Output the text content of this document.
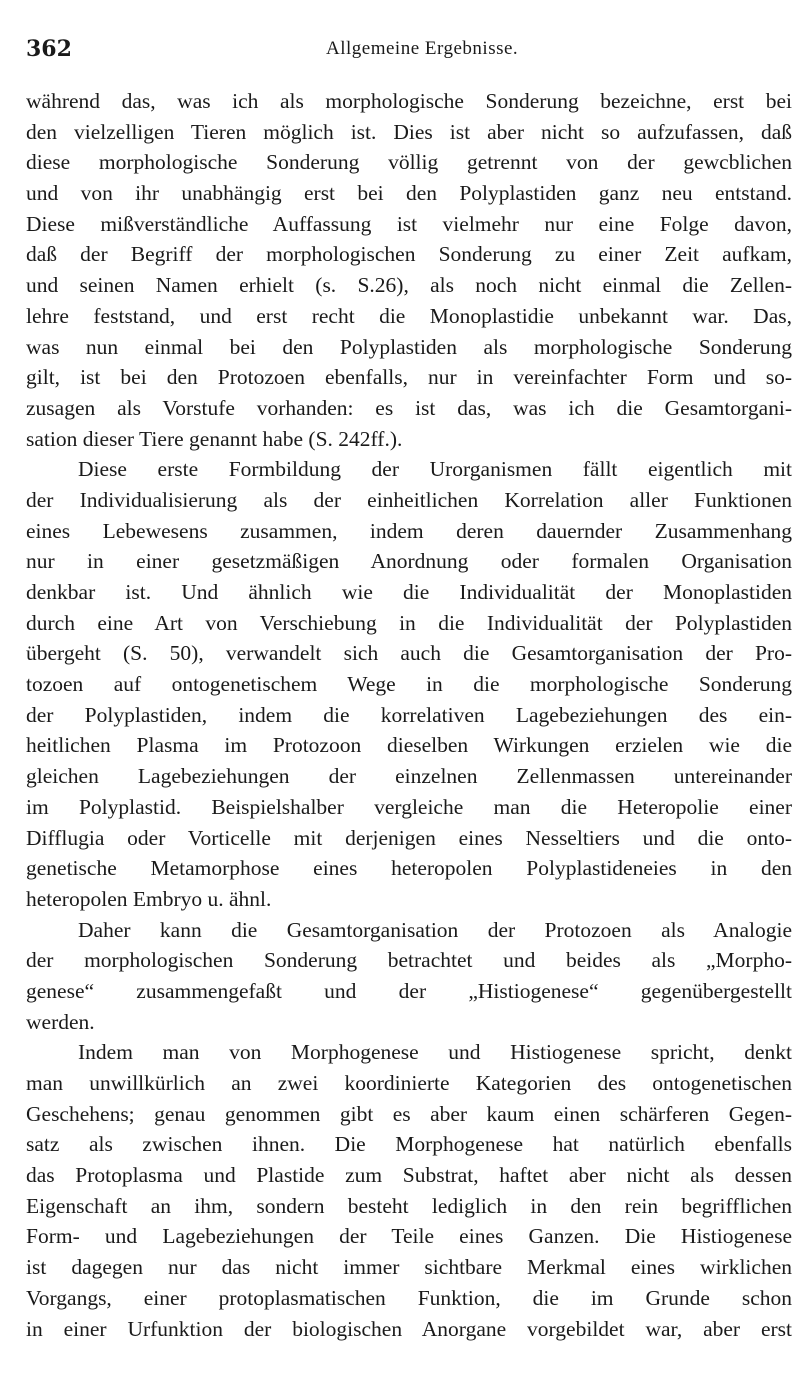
362	Allgemeine Ergebnisse.
während das, was ich als morphologische Sonderung bezeichne, erst bei
den vielzelligen Tieren möglich ist. Dies ist aber nicht so aufzufassen, daß
diese morphologische Sonderung völlig getrennt von der gewcblichen
und von ihr unabhängig erst bei den Polyplastiden ganz neu entstand.
Diese mißverständliche Auffassung ist vielmehr nur eine Folge davon,
daß der Begriff der morphologischen Sonderung zu einer Zeit aufkam,
und seinen Namen erhielt (s. S.26), als noch nicht einmal die Zellen-
lehre feststand, und erst recht die Monoplastidie unbekannt war. Das,
was nun einmal bei den Polyplastiden als morphologische Sonderung
gilt, ist bei den Protozoen ebenfalls, nur in vereinfachter Form und so-
zusagen als Vorstufe vorhanden: es ist das, was ich die Gesamtorgani-
sation dieser Tiere genannt habe (S. 242ff.).
Diese erste Formbildung der Urorganismen fällt eigentlich mit
der Individualisierung als der einheitlichen Korrelation aller Funktionen
eines Lebewesens zusammen, indem deren dauernder Zusammenhang
nur in einer gesetzmäßigen Anordnung oder formalen Organisation
denkbar ist. Und ähnlich wie die Individualität der Monoplastiden
durch eine Art von Verschiebung in die Individualität der Polyplastiden
übergeht (S. 50), verwandelt sich auch die Gesamtorganisation der Pro-
tozoen auf ontogenetischem Wege in die morphologische Sonderung
der Polyplastiden, indem die korrelativen Lagebeziehungen des ein-
heitlichen Plasma im Protozoon dieselben Wirkungen erzielen wie die
gleichen Lagebeziehungen der einzelnen Zellenmassen untereinander
im Polyplastid. Beispielshalber vergleiche man die Heteropolie einer
Difflugia oder Vorticelle mit derjenigen eines Nesseltiers und die onto-
genetische Metamorphose eines heteropolen Polyplastideneies in den
heteropolen Embryo u. ähnl.
Daher kann die Gesamtorganisation der Protozoen als Analogie
der morphologischen Sonderung betrachtet und beides als „Morpho-
genese“ zusammengefaßt und der „Histiogenese“ gegenübergestellt
werden.
Indem man von Morphogenese und Histiogenese spricht, denkt
man unwillkürlich an zwei koordinierte Kategorien des ontogenetischen
Geschehens; genau genommen gibt es aber kaum einen schärferen Gegen-
satz als zwischen ihnen. Die Morphogenese hat natürlich ebenfalls
das Protoplasma und Plastide zum Substrat, haftet aber nicht als dessen
Eigenschaft an ihm, sondern besteht lediglich in den rein begrifflichen
Form- und Lagebeziehungen der Teile eines Ganzen. Die Histiogenese
ist dagegen nur das nicht immer sichtbare Merkmal eines wirklichen
Vorgangs, einer protoplasmatischen Funktion, die im Grunde schon
in einer Urfunktion der biologischen Anorgane vorgebildet war, aber erst
